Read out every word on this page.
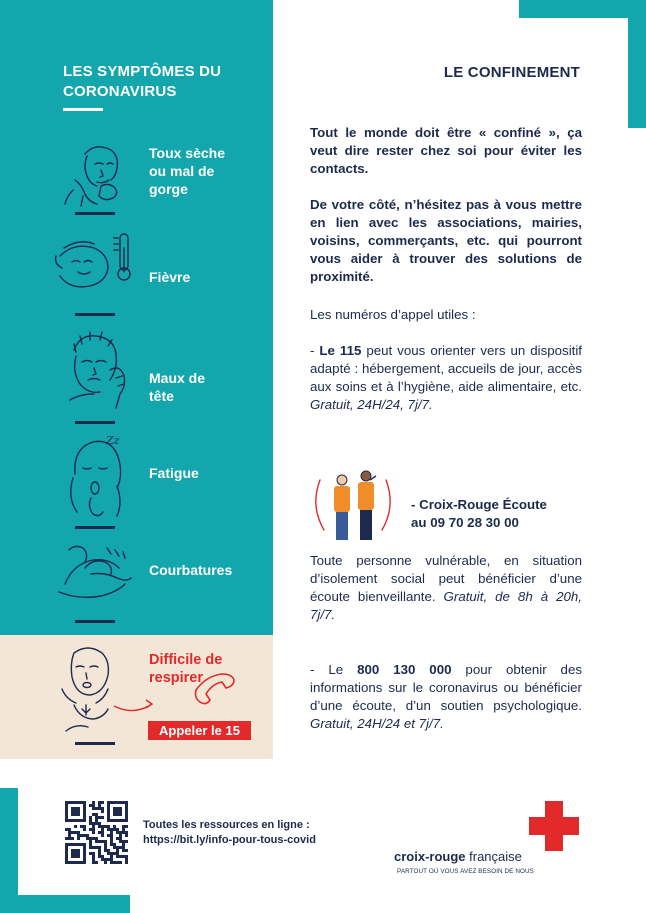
LES SYMPTÔMES DU
CORONAVIRUS
Toux sèche
ou mal de
gorge
Fièvre
Maux de
tête
Zz
Fatigue
Courbatures
Difficile de
respirer
Appeler le 15
LE CONFINEMENT
Tout le monde doit être « confiné », ça veut dire rester chez soi pour éviter les contacts.
De votre côté, n’hésitez pas à vous mettre en lien avec les associations, mairies, voisins, commerçants, etc. qui pourront vous aider à trouver des solutions de proximité.
Les numéros d’appel utiles :
- Le 115 peut vous orienter vers un dispositif adapté : hébergement, accueils de jour, accès aux soins et à l’hygiène, aide alimentaire, etc. Gratuit, 24H/24, 7j/7.
- Croix-Rouge Écoute
au 09 70 28 30 00
Toute personne vulnérable, en situation d’isolement social peut bénéficier d’une écoute bienveillante. Gratuit, de 8h à 20h, 7j/7.
- Le 800 130 000 pour obtenir des informations sur le coronavirus ou bénéficier d’une écoute, d’un soutien psychologique. Gratuit, 24H/24 et 7j/7.
Toutes les ressources en ligne :
https://bit.ly/info-pour-tous-covid
croix-rouge française
PARTOUT OÙ VOUS AVEZ BESOIN DE NOUS
